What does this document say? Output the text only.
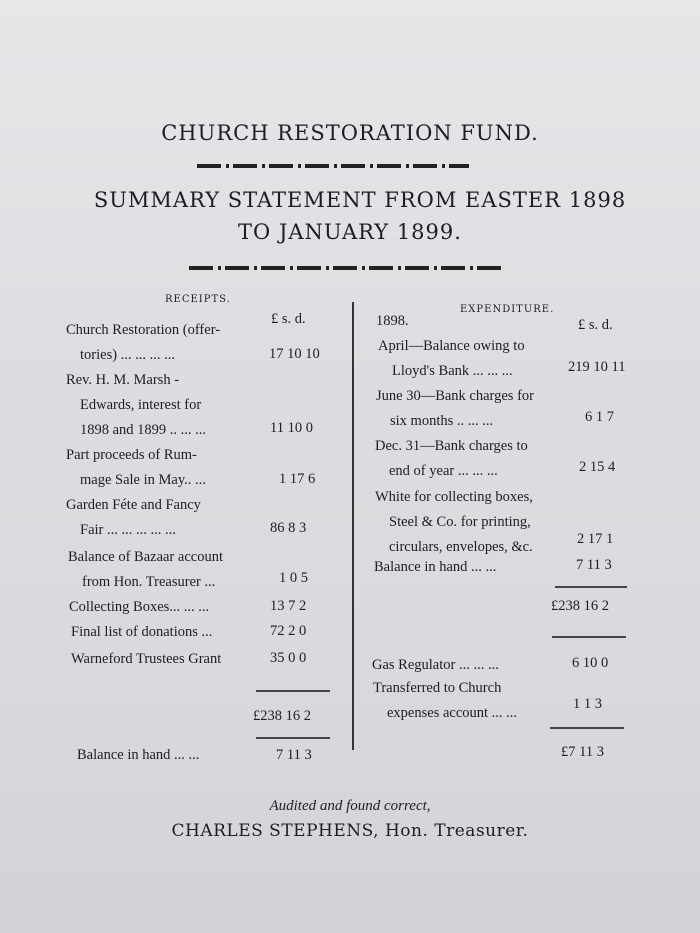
CHURCH RESTORATION FUND.
SUMMARY STATEMENT FROM EASTER 1898
TO JANUARY 1899.
RECEIPTS.
£ s. d.
Church Restoration (offer-
tories) ... ... ... ...	17 10 10
Rev. H. M. Marsh -
Edwards, interest for
1898 and 1899 .. ... ...	11 10 0
Part proceeds of Rum-
mage Sale in May.. ...	1 17 6
Garden Féte and Fancy
Fair ... ... ... ... ...	86 8 3
Balance of Bazaar account
from Hon. Treasurer ...	1 0 5
Collecting Boxes... ... ...	13 7 2
Final list of donations ...	72 2 0
Warneford Trustees Grant	35 0 0
£238 16 2
Balance in hand ... ...	7 11 3
EXPENDITURE.
1898.	£ s. d.
April—Balance owing to
Lloyd's Bank ... ... ...	219 10 11
June 30—Bank charges for
six months .. ... ...	6 1 7
Dec. 31—Bank charges to
end of year ... ... ...	2 15 4
White for collecting boxes,
Steel & Co. for printing,
circulars, envelopes, &c.	2 17 1
Balance in hand ... ...	7 11 3
£238 16 2
Gas Regulator ... ... ...	6 10 0
Transferred to Church
expenses account ... ...
1 1 3
£7 11 3
Audited and found correct,
CHARLES STEPHENS, Hon. Treasurer.
